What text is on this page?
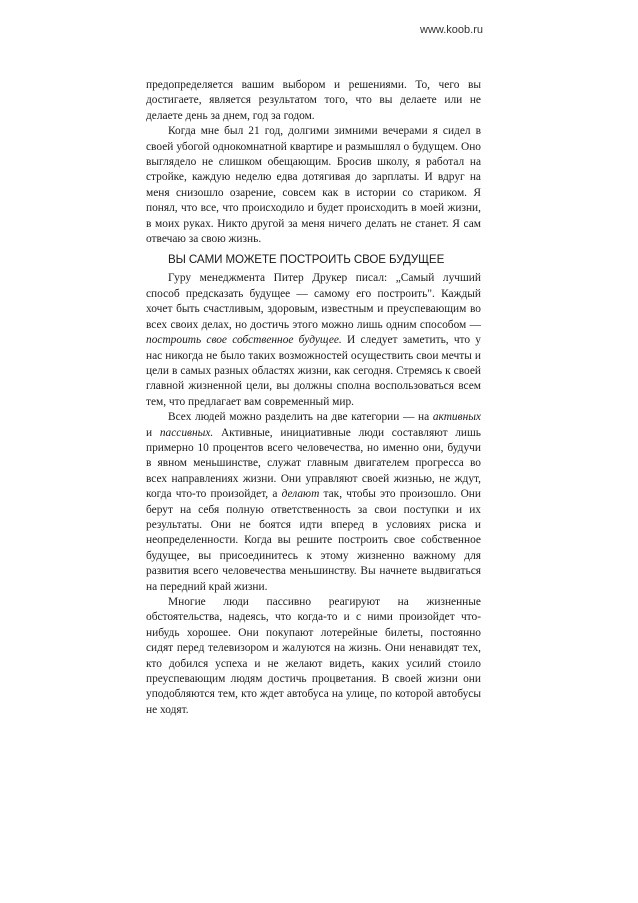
www.koob.ru

предопределяется вашим выбором и решениями. То, чего вы достигаете, является результатом того, что вы делаете или не делаете день за днем, год за годом.

Когда мне был 21 год, долгими зимними вечерами я сидел в своей убогой однокомнатной квартире и размышлял о будущем. Оно выглядело не слишком обещающим. Бросив школу, я работал на стройке, каждую неделю едва дотягивая до зарплаты. И вдруг на меня снизошло озарение, совсем как в истории со стариком. Я понял, что все, что происходило и будет происходить в моей жизни, в моих руках. Никто другой за меня ничего делать не станет. Я сам отвечаю за свою жизнь.

ВЫ САМИ МОЖЕТЕ ПОСТРОИТЬ СВОЕ БУДУЩЕЕ

Гуру менеджмента Питер Друкер писал: „Самый лучший способ предсказать будущее — самому его построить". Каждый хочет быть счастливым, здоровым, известным и преуспевающим во всех своих делах, но достичь этого можно лишь одним способом — построить свое собственное будущее. И следует заметить, что у нас никогда не было таких возможностей осуществить свои мечты и цели в самых разных областях жизни, как сегодня. Стремясь к своей главной жизненной цели, вы должны сполна воспользоваться всем тем, что предлагает вам современный мир.

Всех людей можно разделить на две категории — на активных и пассивных. Активные, инициативные люди составляют лишь примерно 10 процентов всего человечества, но именно они, будучи в явном меньшинстве, служат главным двигателем прогресса во всех направлениях жизни. Они управляют своей жизнью, не ждут, когда что-то произойдет, а делают так, чтобы это произошло. Они берут на себя полную ответственность за свои поступки и их результаты. Они не боятся идти вперед в условиях риска и неопределенности. Когда вы решите построить свое собственное будущее, вы присоединитесь к этому жизненно важному для развития всего человечества меньшинству. Вы начнете выдвигаться на передний край жизни.

Многие люди пассивно реагируют на жизненные обстоятельства, надеясь, что когда-то и с ними произойдет что-нибудь хорошее. Они покупают лотерейные билеты, постоянно сидят перед телевизором и жалуются на жизнь. Они ненавидят тех, кто добился успеха и не желают видеть, каких усилий стоило преуспевающим людям достичь процветания. В своей жизни они уподобляются тем, кто ждет автобуса на улице, по которой автобусы не ходят.
